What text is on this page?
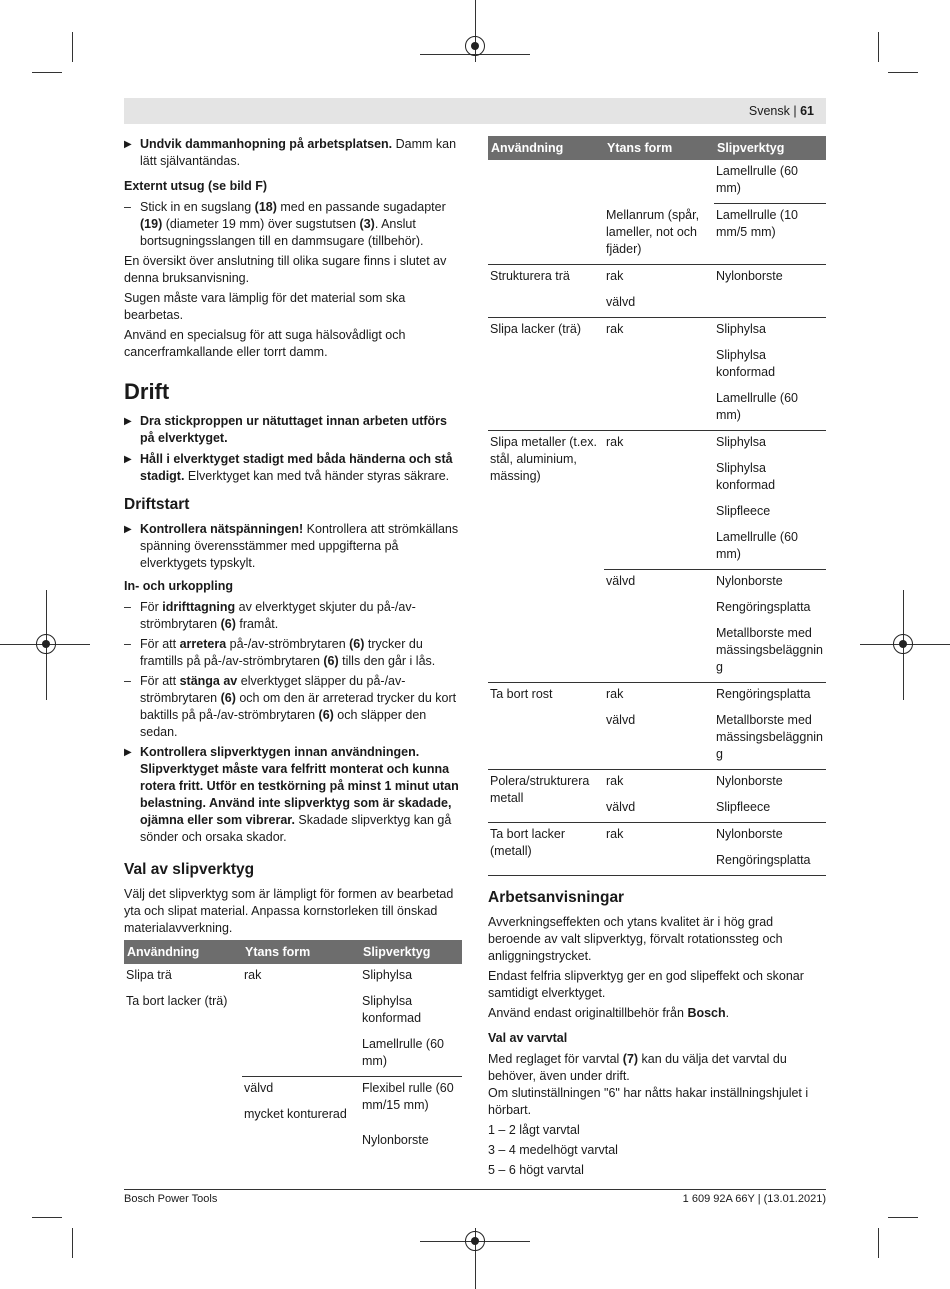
Svensk | 61
▶ Undvik dammanhopning på arbetsplatsen. Damm kan lätt självantändas.
Externt utsug (se bild F)
– Stick in en sugslang (18) med en passande sugadapter (19) (diameter 19 mm) över sugstutsen (3). Anslut bortsugningsslangen till en dammsugare (tillbehör).

En översikt över anslutning till olika sugare finns i slutet av denna bruksanvisning.

Sugen måste vara lämplig för det material som ska bearbetas.

Använd en specialsug för att suga hälsovådligt och cancerframkallande eller torrt damm.

Drift
▶ Dra stickproppen ur nätuttaget innan arbeten utförs på elverktyget.
▶ Håll i elverktyget stadigt med båda händerna och stå stadigt. Elverktyget kan med två händer styras säkrare.
Driftstart
▶ Kontrollera nätspänningen! Kontrollera att strömkällans spänning överensstämmer med uppgifterna på elverktygets typskylt.
In- och urkoppling
– För idrifttagning av elverktyget skjuter du på-/av-strömbrytaren (6) framåt.
– För att arretera på-/av-strömbrytaren (6) trycker du framtills på på-/av-strömbrytaren (6) tills den går i lås.
– För att stänga av elverktyget släpper du på-/av-strömbrytaren (6) och om den är arreterad trycker du kort baktills på på-/av-strömbrytaren (6) och släpper den sedan.
▶ Kontrollera slipverktygen innan användningen. Slipverktyget måste vara felfritt monterat och kunna rotera fritt. Utför en testkörning på minst 1 minut utan belastning. Använd inte slipverktyg som är skadade, ojämna eller som vibrerar. Skadade slipverktyg kan gå sönder och orsaka skador.
Val av slipverktyg

Välj det slipverktyg som är lämpligt för formen av bearbetad yta och slipat material. Anpassa kornstorleken till önskad materialavverkning.

Användning	Ytans form	Slipverktyg
Slipa trä	rak	Sliphylsa
Ta bort lacker (trä)		Sliphylsa konformad
		Lamellrulle (60 mm)
	välvd	Flexibel rulle (60 mm/15 mm)
	mycket konturerad	
		Nylonborste
Användning	Ytans form	Slipverktyg
		Lamellrulle (60 mm)
	Mellanrum (spår, lameller, not och fjäder)	Lamellrulle (10 mm/5 mm)
Strukturera trä	rak	Nylonborste
	välvd	
Slipa lacker (trä)	rak	Sliphylsa
		Sliphylsa konformad
		Lamellrulle (60 mm)
Slipa metaller (t.ex. stål, aluminium, mässing)	rak	Sliphylsa
		Sliphylsa konformad
		Slipfleece
		Lamellrulle (60 mm)
	välvd	Nylonborste
		Rengöringsplatta
		Metallborste med mässingsbeläggnin g
Ta bort rost	rak	Rengöringsplatta
	välvd	Metallborste med mässingsbeläggnin g
Polera/strukturera metall	rak	Nylonborste
	välvd	Slipfleece
Ta bort lacker (metall)	rak	Nylonborste
		Rengöringsplatta
Arbetsanvisningar

Avverkningseffekten och ytans kvalitet är i hög grad beroende av valt slipverktyg, förvalt rotationssteg och anliggningstrycket.

Endast felfria slipverktyg ger en god slipeffekt och skonar samtidigt elverktyget.

Använd endast originaltillbehör från Bosch.

Val av varvtal

Med reglaget för varvtal (7) kan du välja det varvtal du behöver, även under drift.

Om slutinställningen "6" har nåtts hakar inställningshjulet i hörbart.

1 – 2 lågt varvtal

3 – 4 medelhögt varvtal

5 – 6 högt varvtal

Bosch Power Tools	1 609 92A 66Y | (13.01.2021)
